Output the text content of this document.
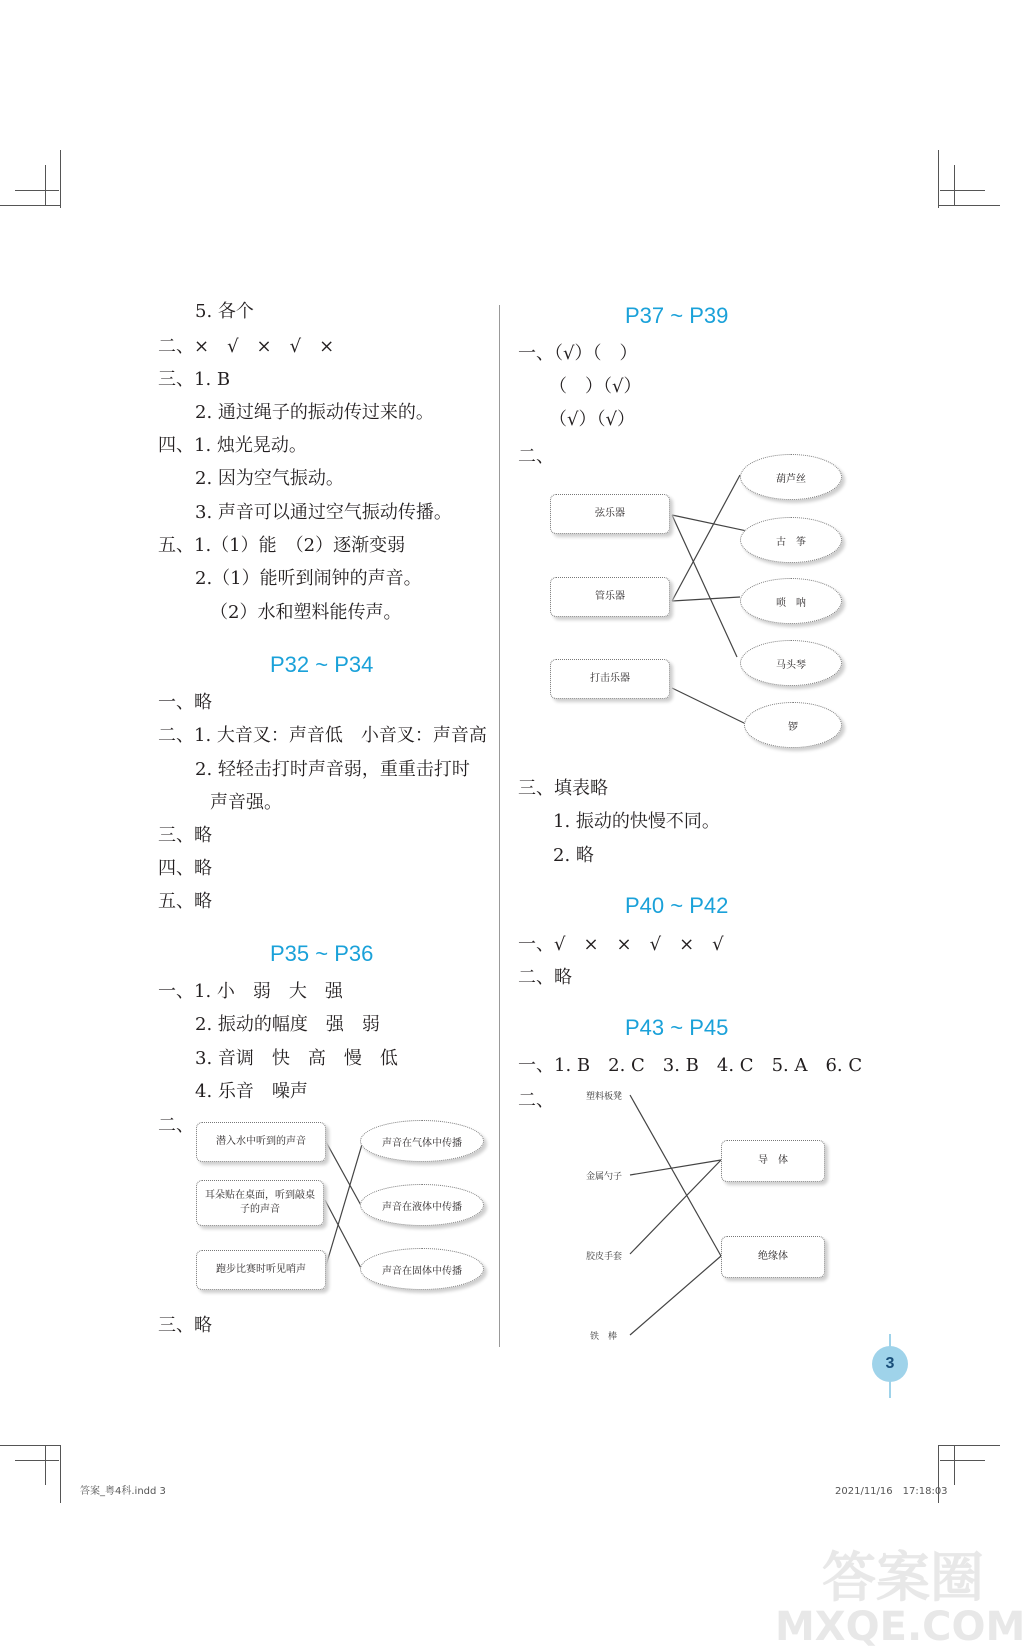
5. 各个
二、×　√　×　√　×
三、1. B
2. 通过绳子的振动传过来的。
四、1. 烛光晃动。
2. 因为空气振动。
3. 声音可以通过空气振动传播。
五、1.（1）能　（2）逐渐变弱
2.（1）能听到闹钟的声音。
（2）水和塑料能传声。
P32 ~ P34
一、略
二、1. 大音叉：声音低　小音叉：声音高
2. 轻轻击打时声音弱，重重击打时
声音强。
三、略
四、略
五、略
P35 ~ P36
一、1. 小　弱　大　强
2. 振动的幅度　强　弱
3. 音调　快　高　慢　低
4. 乐音　噪声
二、
潜入水中听到的声音
耳朵贴在桌面，听到敲桌子的声音
跑步比赛时听见哨声
声音在气体中传播
声音在液体中传播
声音在固体中传播
三、略
P37 ~ P39
一、（√）（　）
（　）（√）
（√）（√）
二、
弦乐器
管乐器
打击乐器
葫芦丝
古　筝
唢　呐
马头琴
锣
三、填表略
1. 振动的快慢不同。
2. 略
P40 ~ P42
一、√　×　×　√　×　√
二、略
P43 ~ P45
一、1. B　2. C　3. B　4. C　5. A　6. C
二、	塑料板凳
金属勺子
胶皮手套
铁　棒
导　体
绝缘体
3
答案_粤4科.indd 3	2021/11/16　17:18:03
答案圈
MXQE.COM
